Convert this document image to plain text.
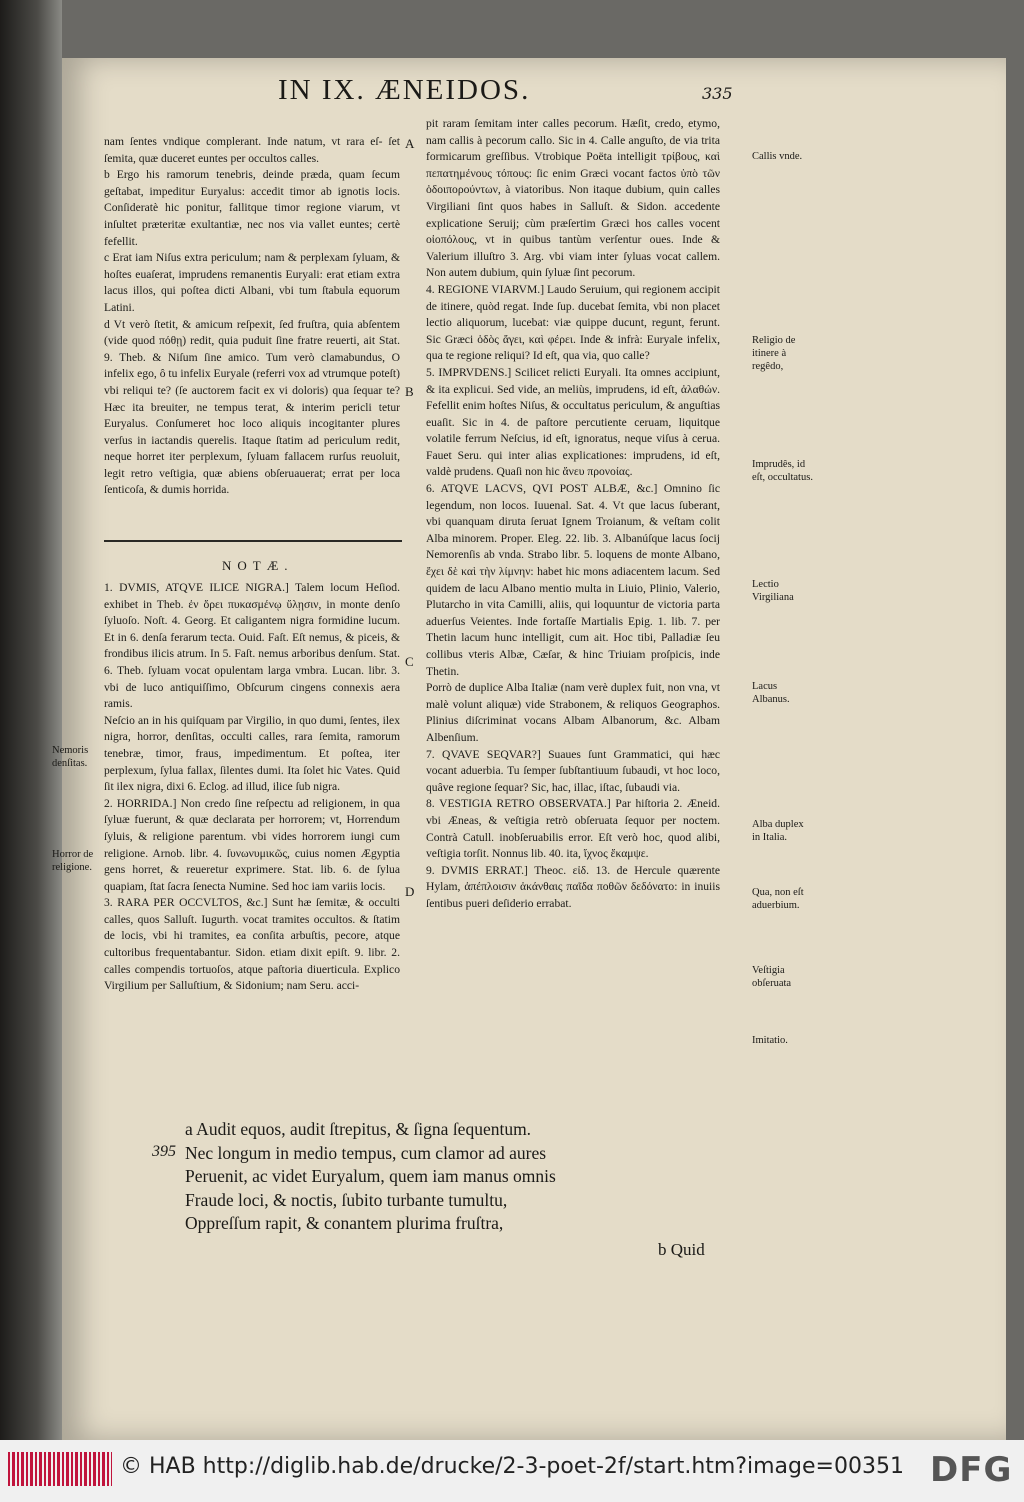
IN IX. ÆNEIDOS.	335

nam ſentes vndique complerant. Inde natum, vt rara eſ- ſet ſemita, quæ duceret euntes per occultos calles.

b Ergo his ramorum tenebris, deinde præda, quam ſecum geſtabat, impeditur Euryalus: accedit timor ab ignotis locis. Conſideratè hic ponitur, fallitque timor regione viarum, vt inſultet præteritæ exultantiæ, nec nos via vallet euntes; certè fefellit.

c Erat iam Niſus extra periculum; nam & perplexam ſyluam, & hoſtes euaſerat, imprudens remanentis Euryali: erat etiam extra lacus illos, qui poſtea dicti Albani, vbi tum ſtabula equorum Latini.

d Vt verò ſtetit, & amicum reſpexit, ſed fruſtra, quia abſentem (vide quod πόθῃ) redit, quia puduit ſine fratre reuerti, ait Stat. 9. Theb. & Niſum ſine amico. Tum verò clamabundus, O infelix ego, ô tu infelix Euryale (referri vox ad vtrumque poteſt) vbi reliqui te? (ſe auctorem facit ex vi doloris) qua ſequar te? Hæc ita breuiter, ne tempus terat, & interim pericli tetur Euryalus. Conſumeret hoc loco aliquis incogitanter plures verſus in iactandis querelis. Itaque ſtatim ad periculum redit, neque horret iter perplexum, ſyluam fallacem rurſus reuoluit, legit retro veſtigia, quæ abiens obſeruauerat; errat per loca ſenticoſa, & dumis horrida.

NOTÆ.

1. DVMIS, ATQVE ILICE NIGRA.] Talem locum Heſiod. exhibet in Theb. ἐν ὄρει πυκασμένῳ ὕλῃσιν, in monte denſo ſyluoſo. Noſt. 4. Georg. Et caligantem nigra formidine lucum. Et in 6. denſa ferarum tecta. Ouid. Faſt. Eſt nemus, & piceis, & frondibus ilicis atrum. In 5. Faſt. nemus arboribus denſum. Stat. 6. Theb. ſyluam vocat opulentam larga vmbra. Lucan. libr. 3. vbi de luco antiquiſſimo, Obſcurum cingens connexis aera ramis.

Neſcio an in his quiſquam par Virgilio, in quo dumi, ſentes, ilex nigra, horror, denſitas, occulti calles, rara ſemita, ramorum tenebræ, timor, fraus, impedimentum. Et poſtea, iter perplexum, ſylua fallax, ſilentes dumi. Ita ſolet hic Vates. Quid ſit ilex nigra, dixi 6. Eclog. ad illud, ilice ſub nigra.

2. HORRIDA.] Non credo ſine reſpectu ad religionem, in qua ſyluæ fuerunt, & quæ declarata per horrorem; vt, Horrendum ſyluis, & religione parentum. vbi vides horrorem iungi cum religione. Arnob. libr. 4. ſυνωνυμικῶς, cuius nomen Ægyptia gens horret, & reueretur exprimere. Stat. lib. 6. de ſylua quapiam, ſtat ſacra ſenecta Numine. Sed hoc iam variis locis.

3. RARA PER OCCVLTOS, &c.] Sunt hæ ſemitæ, & occulti calles, quos Salluſt. Iugurth. vocat tramites occultos. & ſtatim de locis, vbi hi tramites, ea conſita arbuſtis, pecore, atque cultoribus frequentabantur. Sidon. etiam dixit epiſt. 9. libr. 2. calles compendis tortuoſos, atque paſtoria diuerticula. Explico Virgilium per Salluſtium, & Sidonium; nam Seru. acci-

pit raram ſemitam inter calles pecorum. Hæſit, credo, etymo, nam callis à pecorum callo. Sic in 4. Calle anguſto, de via trita formicarum greſſibus. Vtrobique Poëta intelligit τρίβους, καὶ πεπατημένους τόπους: ſic enim Græci vocant factos ὑπὸ τῶν ὁδοιπορούντων, à viatoribus. Non itaque dubium, quin calles Virgiliani ſint quos habes in Salluſt. & Sidon. accedente explicatione Seruij; cùm præſertim Græci hos calles vocent οἰοπόλους, vt in quibus tantùm verſentur oues. Inde & Valerium illuſtro 3. Arg. vbi viam inter ſyluas vocat callem. Non autem dubium, quin ſyluæ ſint pecorum.

4. REGIONE VIARVM.] Laudo Seruium, qui regionem accipit de itinere, quòd regat. Inde ſup. ducebat ſemita, vbi non placet lectio aliquorum, lucebat: viæ quippe ducunt, regunt, ferunt. Sic Græci ὁδὸς ἄγει, καὶ φέρει. Inde & infrà: Euryale infelix, qua te regione reliqui? Id eſt, qua via, quo calle?

5. IMPRVDENS.] Scilicet relicti Euryali. Ita omnes accipiunt, & ita explicui. Sed vide, an meliùs, imprudens, id eſt, ἀλαθών. Fefellit enim hoſtes Niſus, & occultatus periculum, & anguſtias euaſit. Sic in 4. de paſtore percutiente ceruam, liquitque volatile ferrum Neſcius, id eſt, ignoratus, neque viſus à cerua. Fauet Seru. qui inter alias explicationes: imprudens, id eſt, valdè prudens. Quaſi non hic ἄνευ προνοίας.

6. ATQVE LACVS, QVI POST ALBÆ, &c.] Omnino ſic legendum, non locos. Iuuenal. Sat. 4. Vt que lacus ſuberant, vbi quanquam diruta ſeruat Ignem Troianum, & veſtam colit Alba minorem. Proper. Eleg. 22. lib. 3. Albanúſque lacus ſocij Nemorenſis ab vnda. Strabo libr. 5. loquens de monte Albano, ἔχει δὲ καὶ τὴν λίμνην: habet hic mons adiacentem lacum. Sed quidem de lacu Albano mentio multa in Liuio, Plinio, Valerio, Plutarcho in vita Camilli, aliis, qui loquuntur de victoria parta aduerſus Veientes. Inde fortaſſe Martialis Epig. 1. lib. 7. per Thetin lacum hunc intelligit, cum ait. Hoc tibi, Palladiæ ſeu collibus vteris Albæ, Cæſar, & hinc Triuiam proſpicis, inde Thetin.

Porrò de duplice Alba Italiæ (nam verè duplex fuit, non vna, vt malè volunt aliquæ) vide Strabonem, & reliquos Geographos. Plinius diſcriminat vocans Albam Albanorum, &c. Albam Albenſium.

7. QVAVE SEQVAR?] Suaues ſunt Grammatici, qui hæc vocant aduerbia. Tu ſemper ſubſtantiuum ſubaudi, vt hoc loco, quâve regione ſequar? Sic, hac, illac, iſtac, ſubaudi via.

8. VESTIGIA RETRO OBSERVATA.] Par hiſtoria 2. Æneid. vbi Æneas, & veſtigia retrò obſeruata ſequor per noctem. Contrà Catull. inobſeruabilis error. Eſt verò hoc, quod alibi, veſtigia torſit. Nonnus lib. 40. ita, ἴχνος ἔκαμψε.

9. DVMIS ERRAT.] Theoc. εἰδ. 13. de Hercule quærente Hylam, ἀπέπλοισιν ἀκάνθαις παῖδα ποθῶν δεδόνατο: in inuiis ſentibus pueri deſiderio errabat.

A
B
C
D
Nemoris denſitas.
Horror de religione.
Callis vnde.
Religio de itinere à regêdo,
Imprudês, id eſt, occultatus.
Lectio Virgiliana
Lacus Albanus.
Alba duplex in Italia.
Qua, non eſt aduerbium.
Veſtigia obſeruata
Imitatio.
395
a Audit equos, audit ſtrepitus, & ſigna ſequentum.
Nec longum in medio tempus, cum clamor ad aures
Peruenit, ac videt Euryalum, quem iam manus omnis
Fraude loci, & noctis, ſubito turbante tumultu,
Oppreſſum rapit, & conantem plurima fruſtra,
b Quid
© HAB http://diglib.hab.de/drucke/2-3-poet-2f/start.htm?image=00351 DFG
